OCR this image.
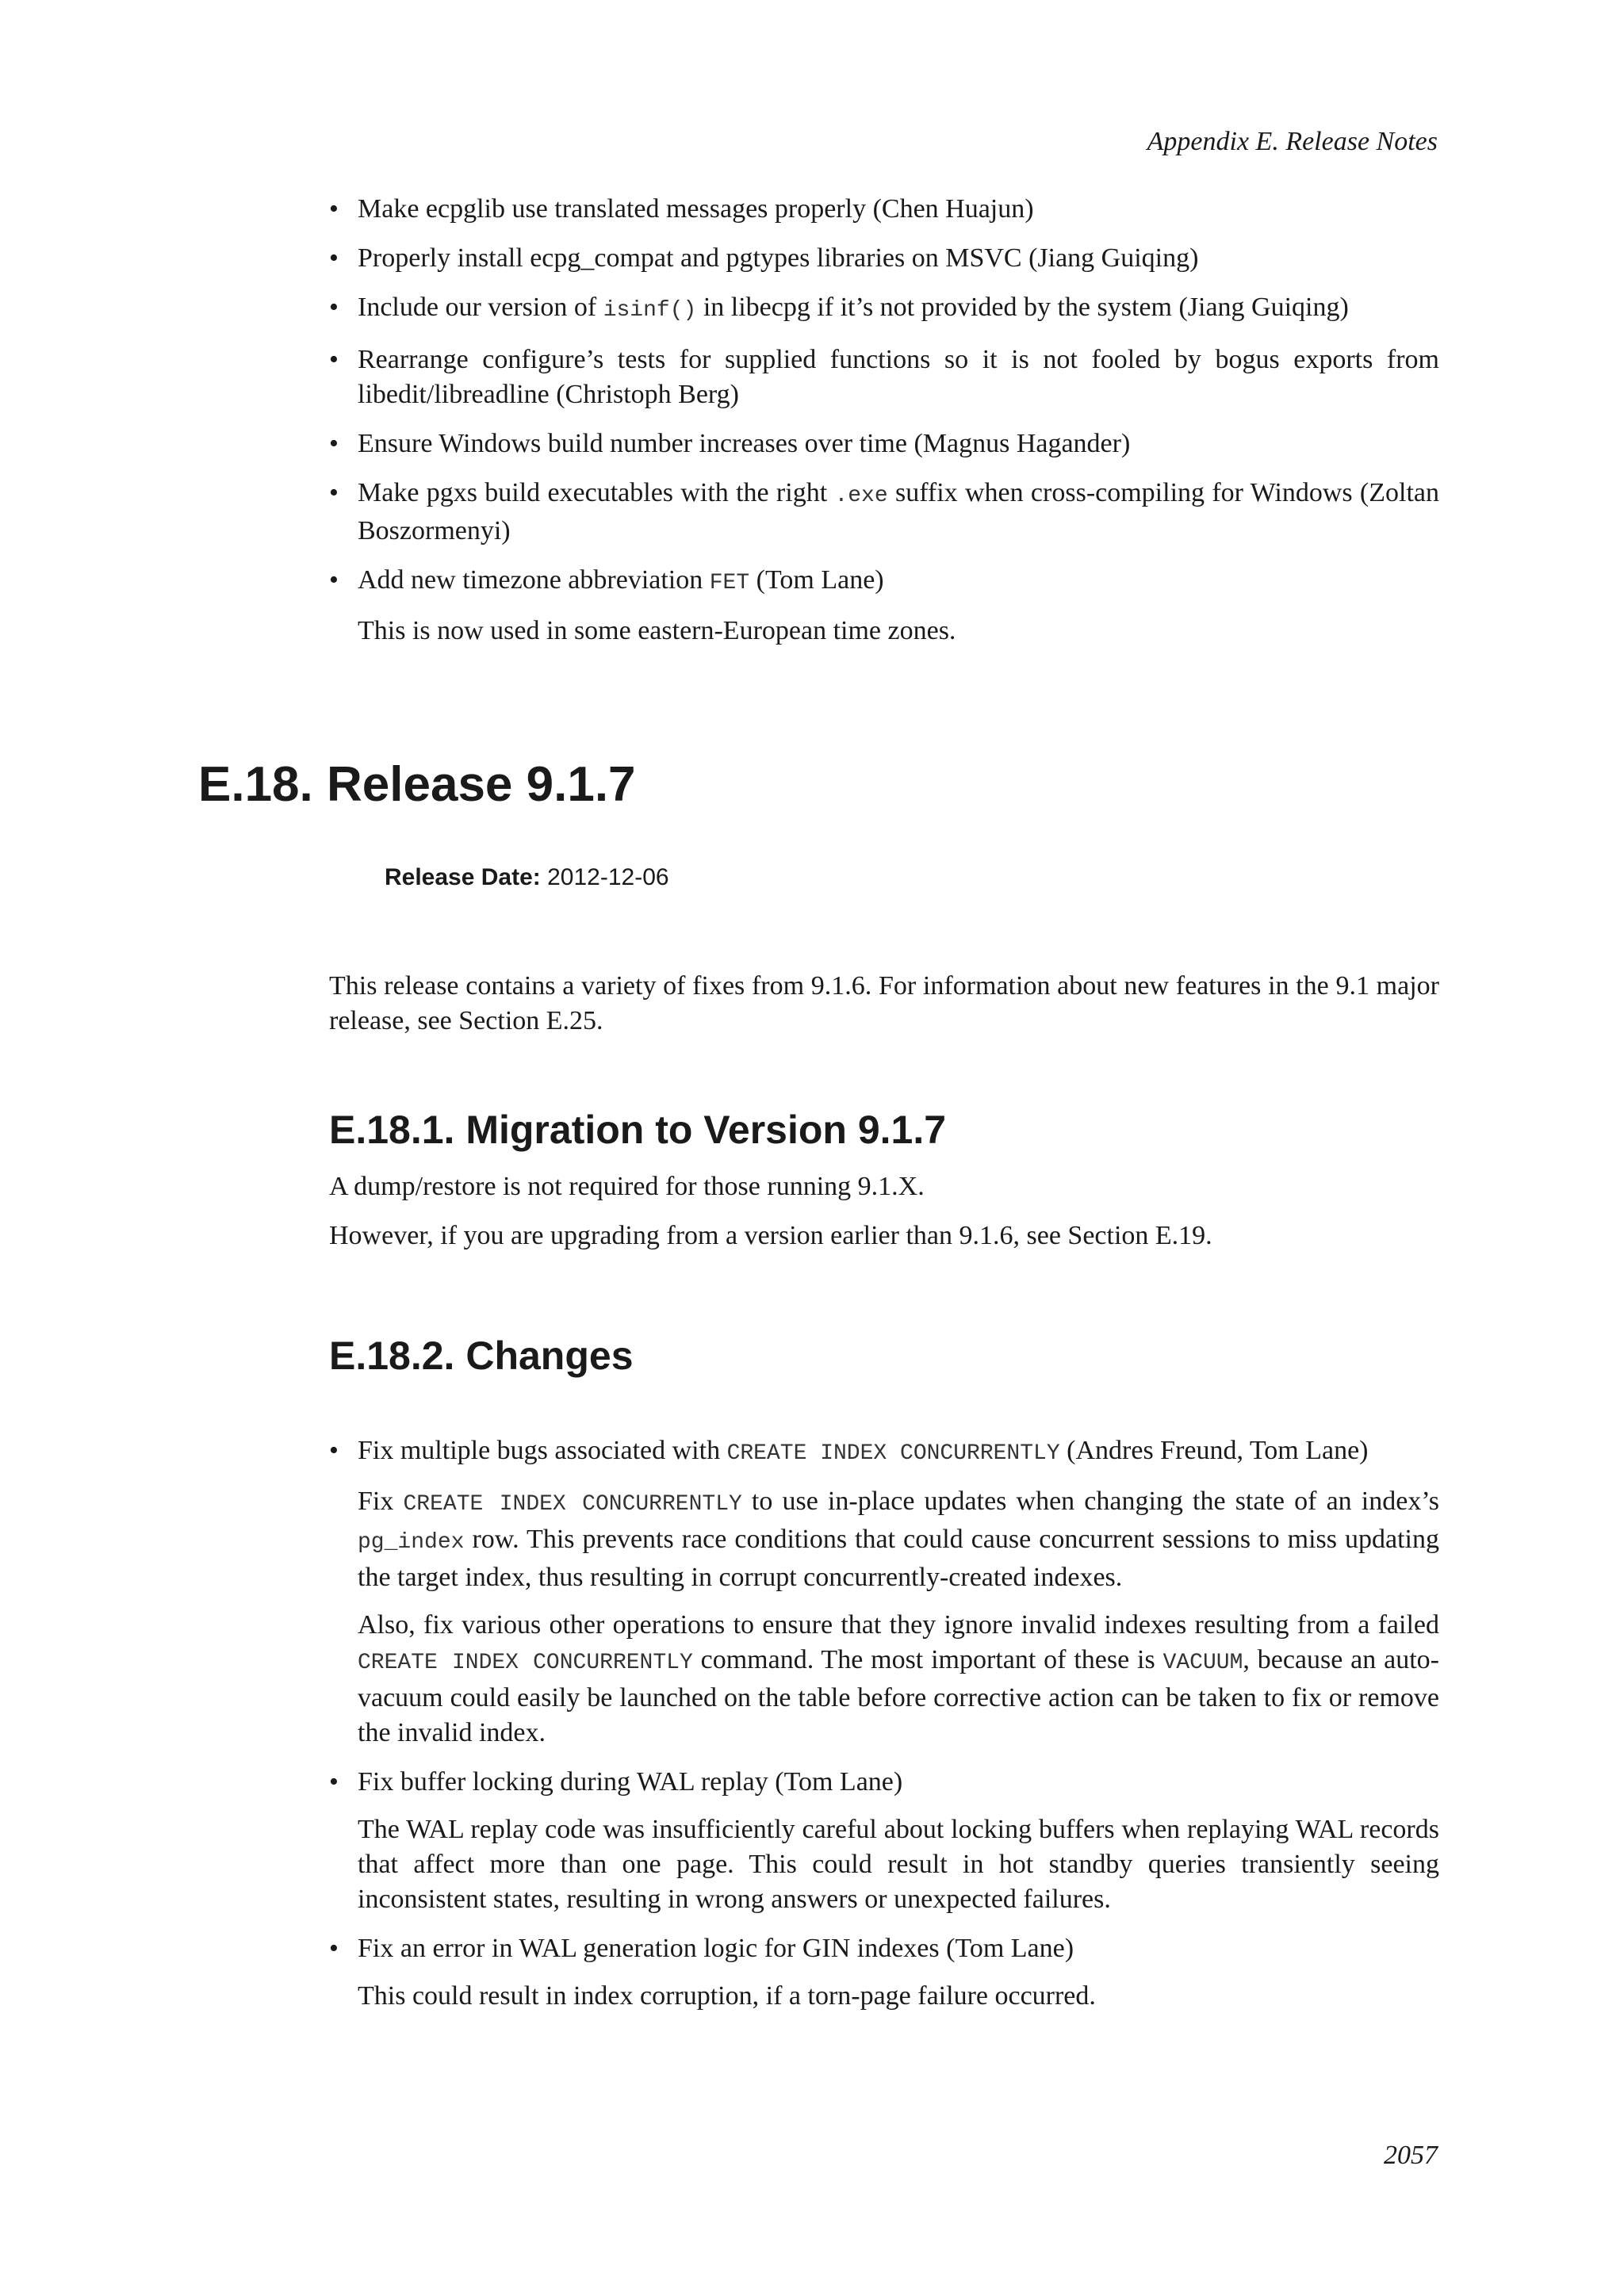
Appendix E. Release Notes
• Make ecpglib use translated messages properly (Chen Huajun)
• Properly install ecpg_compat and pgtypes libraries on MSVC (Jiang Guiqing)
• Include our version of isinf() in libecpg if it’s not provided by the system (Jiang Guiqing)
• Rearrange configure’s tests for supplied functions so it is not fooled by bogus exports from libedit/libreadline (Christoph Berg)
• Ensure Windows build number increases over time (Magnus Hagander)
• Make pgxs build executables with the right .exe suffix when cross-compiling for Windows (Zoltan Boszormenyi)
• Add new timezone abbreviation FET (Tom Lane)
This is now used in some eastern-European time zones.
E.18. Release 9.1.7
Release Date: 2012-12-06
This release contains a variety of fixes from 9.1.6. For information about new features in the 9.1 major release, see Section E.25.
E.18.1. Migration to Version 9.1.7

A dump/restore is not required for those running 9.1.X.

However, if you are upgrading from a version earlier than 9.1.6, see Section E.19.

E.18.2. Changes
• Fix multiple bugs associated with CREATE INDEX CONCURRENTLY (Andres Freund, Tom Lane)
Fix CREATE INDEX CONCURRENTLY to use in-place updates when changing the state of an index’s pg_index row. This prevents race conditions that could cause concurrent sessions to miss updating the target index, thus resulting in corrupt concurrently-created indexes.
Also, fix various other operations to ensure that they ignore invalid indexes resulting from a failed CREATE INDEX CONCURRENTLY command. The most important of these is VACUUM, because an auto-vacuum could easily be launched on the table before corrective action can be taken to fix or remove the invalid index.
• Fix buffer locking during WAL replay (Tom Lane)
The WAL replay code was insufficiently careful about locking buffers when replaying WAL records that affect more than one page. This could result in hot standby queries transiently seeing inconsistent states, resulting in wrong answers or unexpected failures.
• Fix an error in WAL generation logic for GIN indexes (Tom Lane)
This could result in index corruption, if a torn-page failure occurred.
2057
